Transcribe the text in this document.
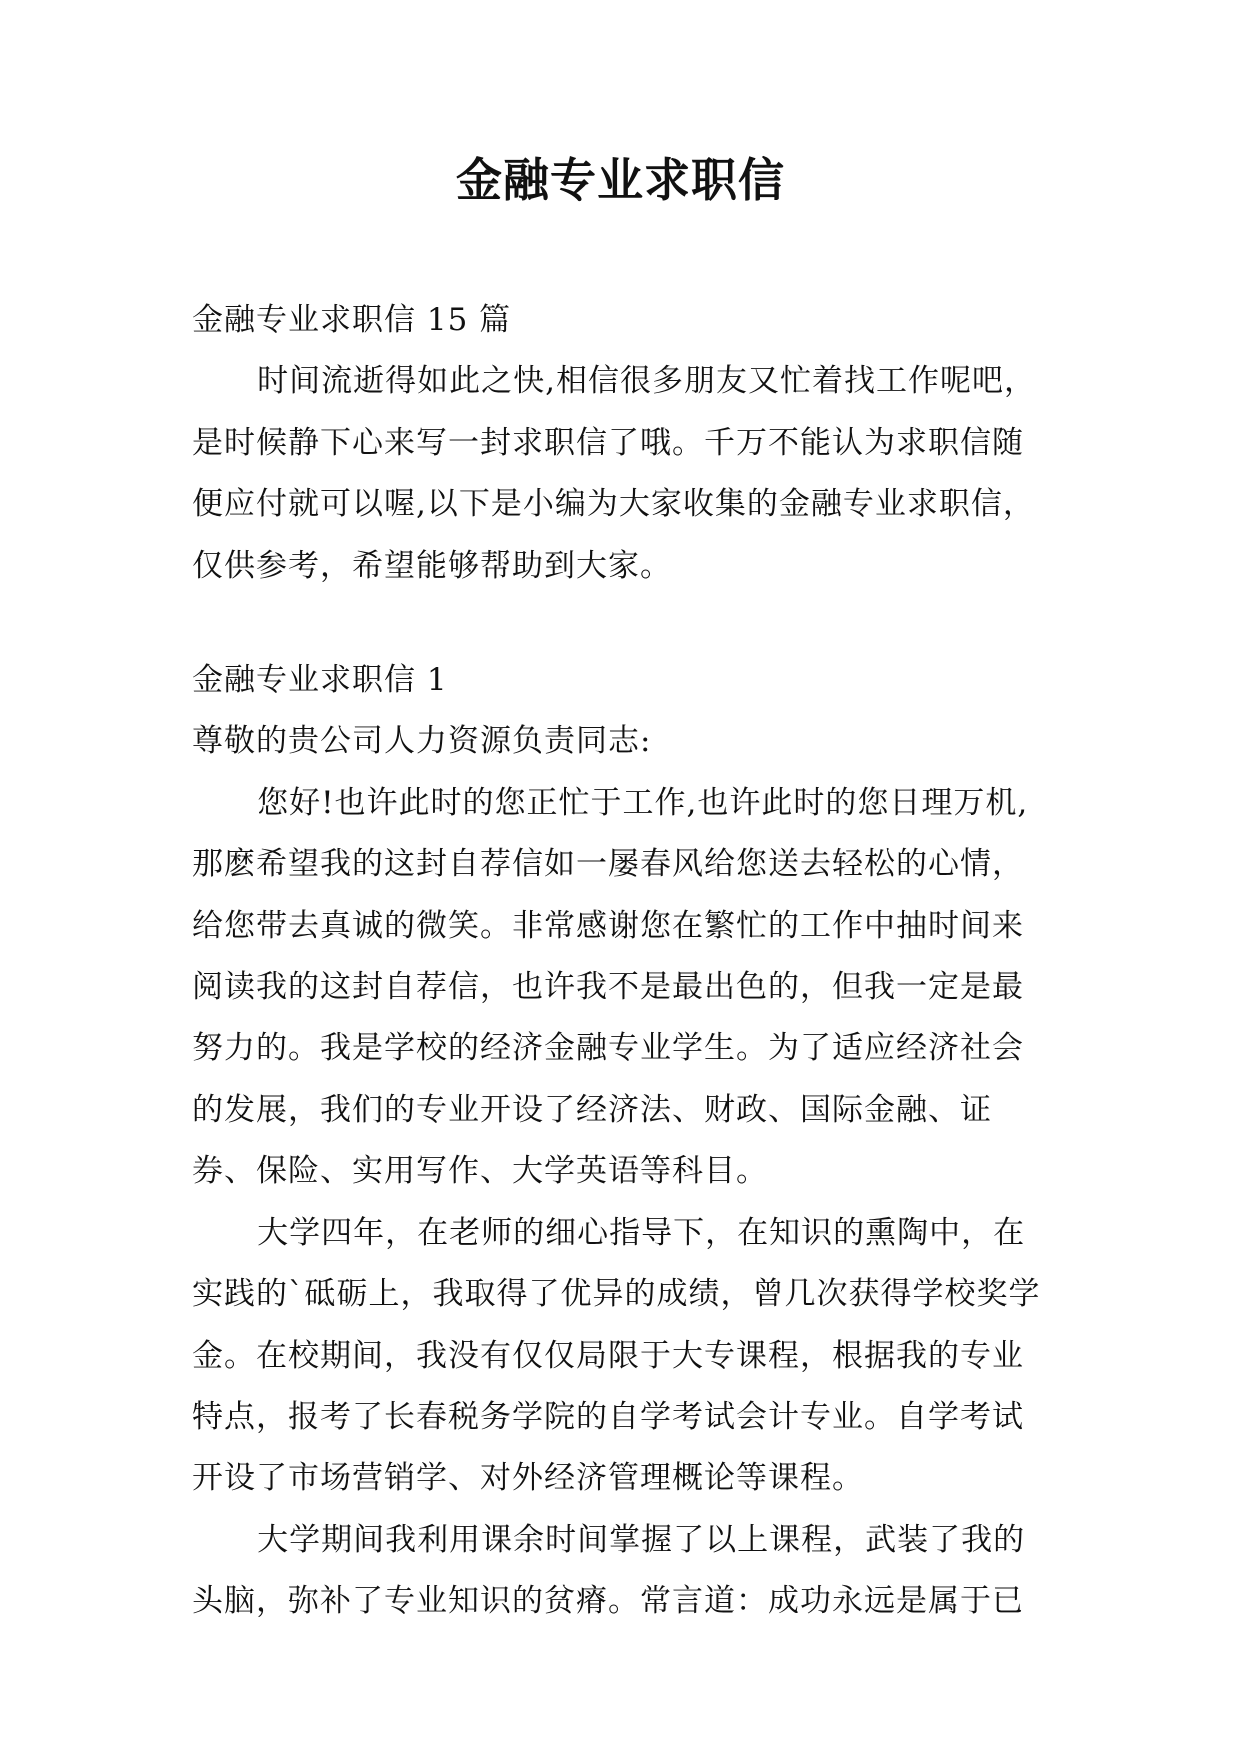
金融专业求职信

金融专业求职信 15 篇

时间流逝得如此之快,相信很多朋友又忙着找工作呢吧，是时候静下心来写一封求职信了哦。千万不能认为求职信随便应付就可以喔,以下是小编为大家收集的金融专业求职信，仅供参考，希望能够帮助到大家。

金融专业求职信 1

尊敬的贵公司人力资源负责同志:

您好!也许此时的您正忙于工作,也许此时的您日理万机,那麽希望我的这封自荐信如一屡春风给您送去轻松的心情，给您带去真诚的微笑。非常感谢您在繁忙的工作中抽时间来阅读我的这封自荐信，也许我不是最出色的，但我一定是最努力的。我是学校的经济金融专业学生。为了适应经济社会的发展，我们的专业开设了经济法、财政、国际金融、证券、保险、实用写作、大学英语等科目。

大学四年，在老师的细心指导下，在知识的熏陶中，在实践的`砥砺上，我取得了优异的成绩，曾几次获得学校奖学金。在校期间，我没有仅仅局限于大专课程，根据我的专业特点，报考了长春税务学院的自学考试会计专业。自学考试开设了市场营销学、对外经济管理概论等课程。

大学期间我利用课余时间掌握了以上课程，武装了我的头脑，弥补了专业知识的贫瘠。常言道：成功永远是属于已
